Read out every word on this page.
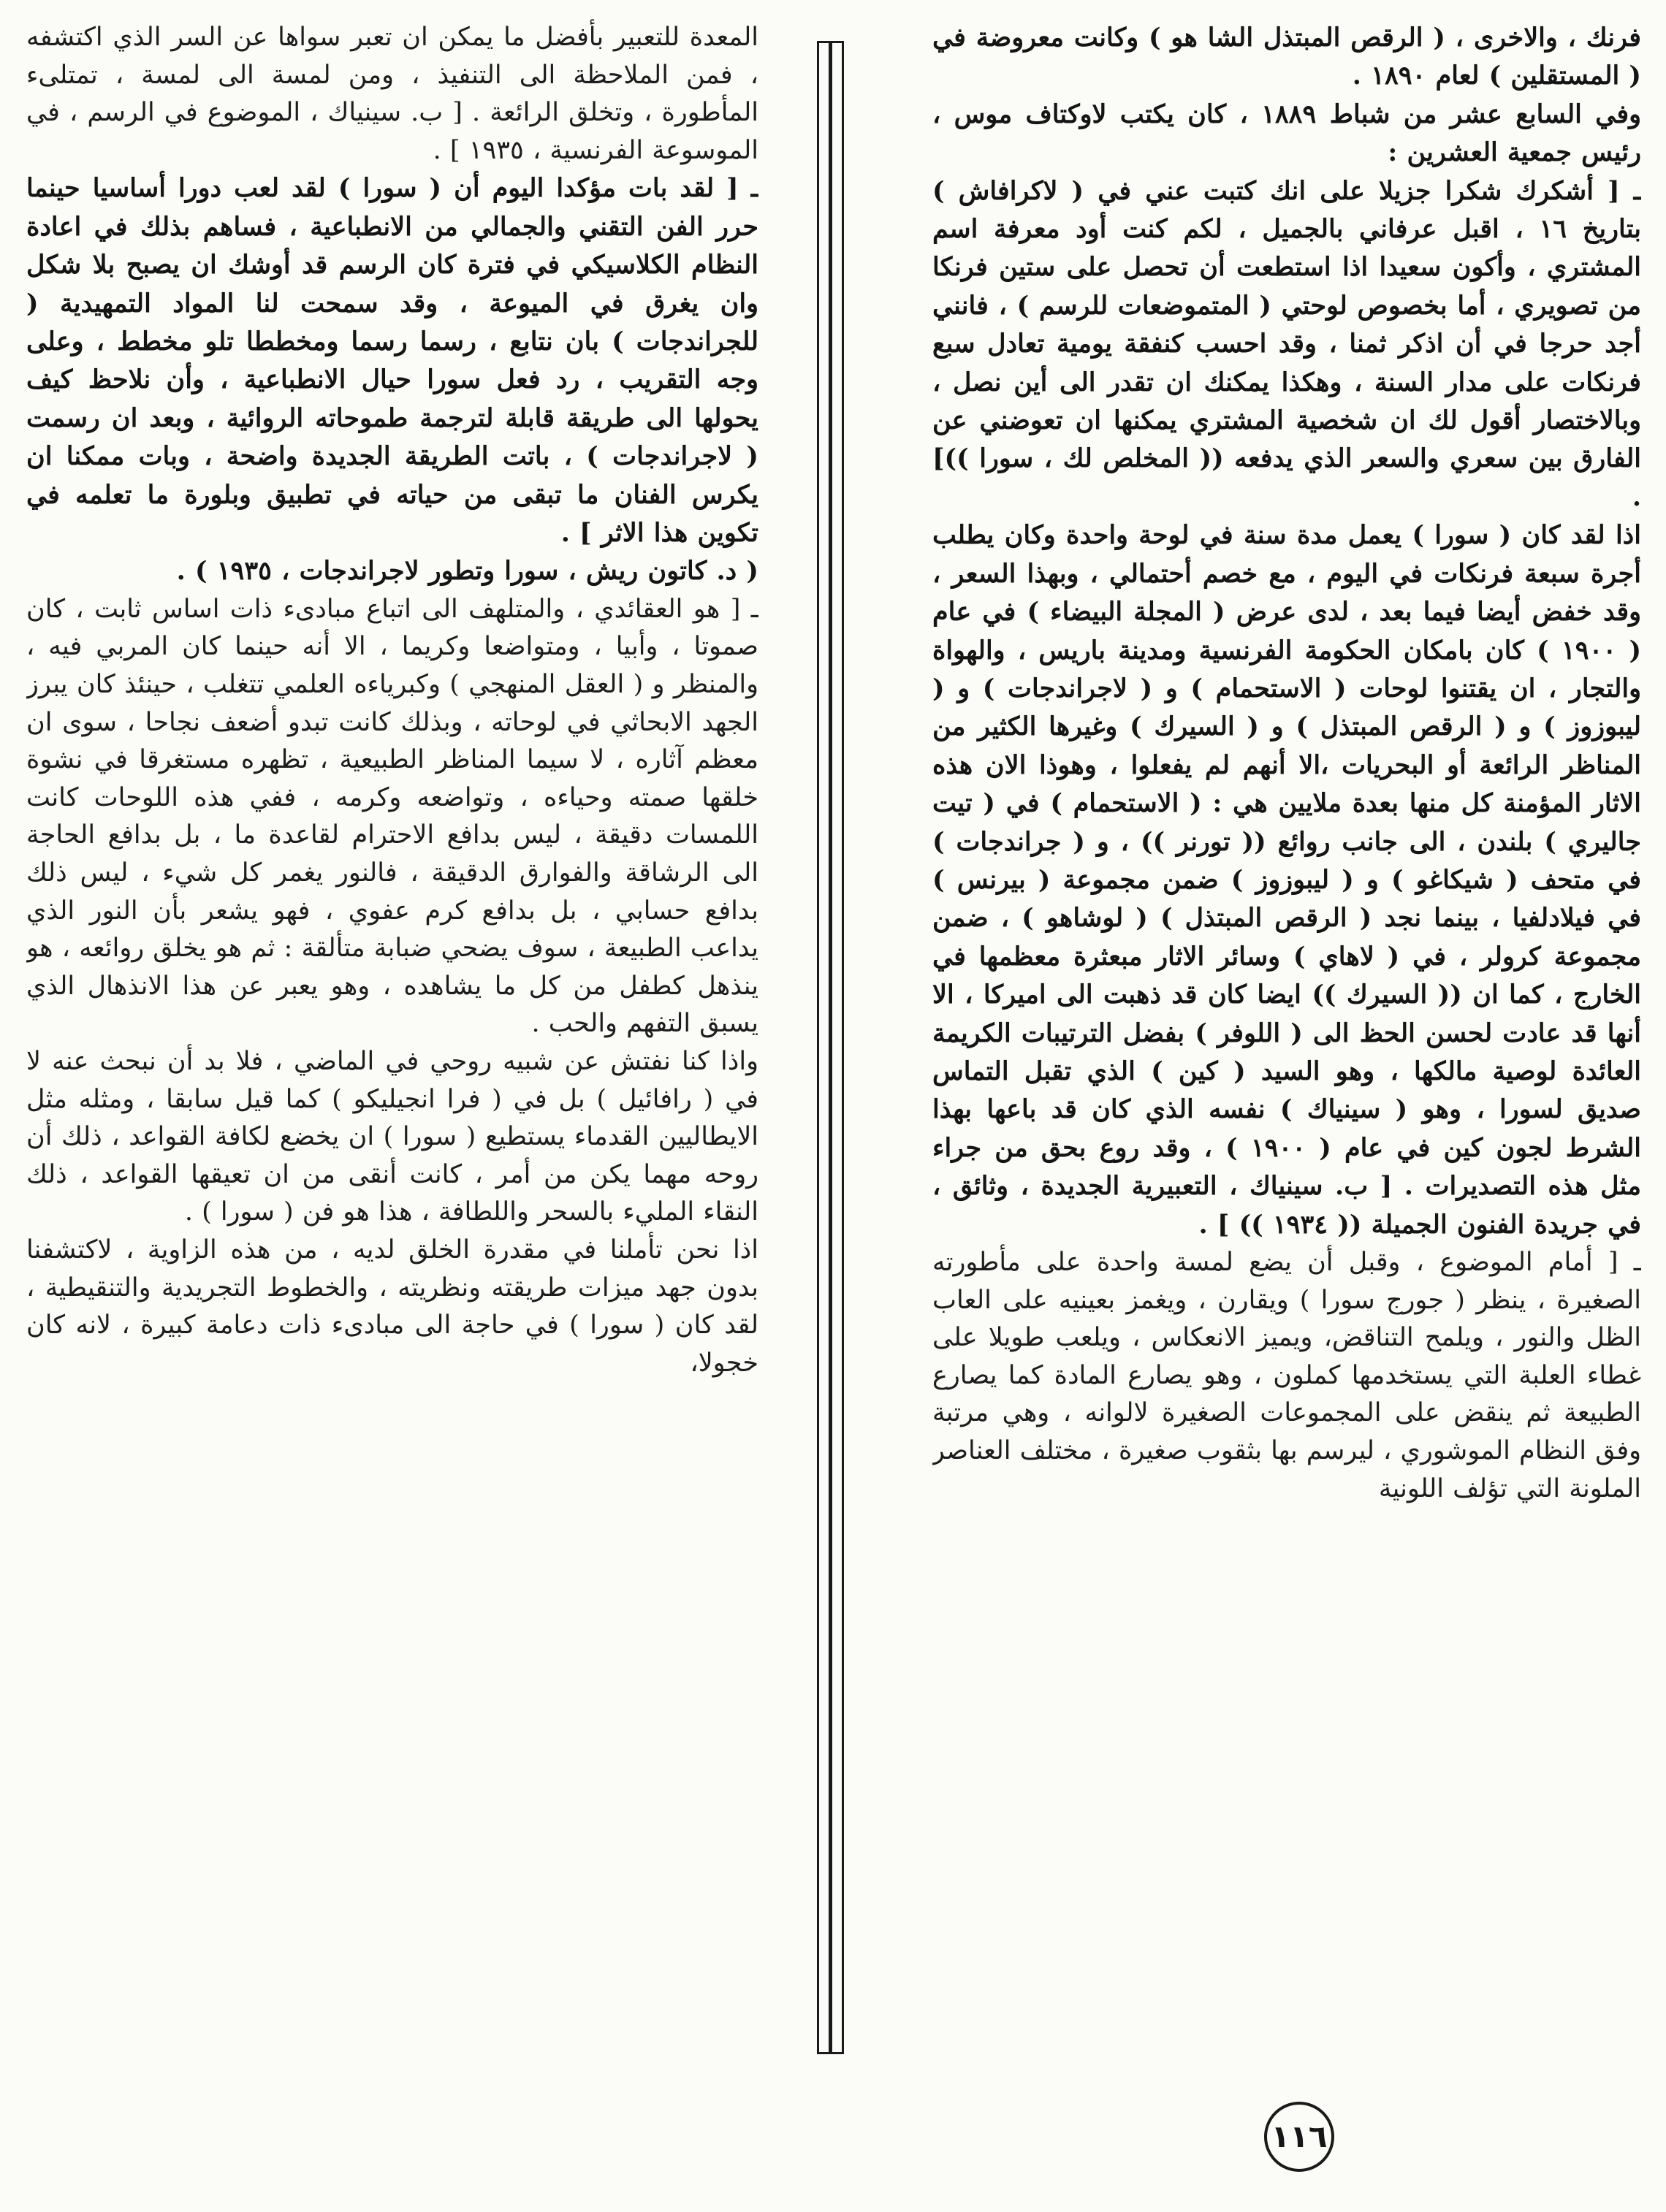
فرنك ، والاخرى ، ( الرقص المبتذل الشا هو ) وكانت معروضة في ( المستقلين ) لعام ١٨٩٠ .

وفي السابع عشر من شباط ١٨٨٩ ، كان يكتب لاوكتاف موس ، رئيس جمعية العشرين :

ـ [ أشكرك شكرا جزيلا على انك كتبت عني في ( لاكرافاش ) بتاريخ ١٦ ، اقبل عرفاني بالجميل ، لكم كنت أود معرفة اسم المشتري ، وأكون سعيدا اذا استطعت أن تحصل على ستين فرنكا من تصويري ، أما بخصوص لوحتي ( المتموضعات للرسم ) ، فانني أجد حرجا في أن اذكر ثمنا ، وقد احسب كنفقة يومية تعادل سبع فرنكات على مدار السنة ، وهكذا يمكنك ان تقدر الى أين نصل ، وبالاختصار أقول لك ان شخصية المشتري يمكنها ان تعوضني عن الفارق بين سعري والسعر الذي يدفعه (( المخلص لك ، سورا ))] .

اذا لقد كان ( سورا ) يعمل مدة سنة في لوحة واحدة وكان يطلب أجرة سبعة فرنكات في اليوم ، مع خصم أحتمالي ، وبهذا السعر ، وقد خفض أيضا فيما بعد ، لدى عرض ( المجلة البيضاء ) في عام ( ١٩٠٠ ) كان بامكان الحكومة الفرنسية ومدينة باريس ، والهواة والتجار ، ان يقتنوا لوحات ( الاستحمام ) و ( لاجراندجات ) و ( ليبوزوز ) و ( الرقص المبتذل ) و ( السيرك ) وغيرها الكثير من المناظر الرائعة أو البحريات ،الا أنهم لم يفعلوا ، وهوذا الان هذه الاثار المؤمنة كل منها بعدة ملايين هي : ( الاستحمام ) في ( تيت جاليري ) بلندن ، الى جانب روائع (( تورنر )) ، و ( جراندجات ) في متحف ( شيكاغو ) و ( ليبوزوز ) ضمن مجموعة ( بيرنس ) في فيلادلفيا ، بينما نجد ( الرقص المبتذل ) ( لوشاهو ) ، ضمن مجموعة كرولر ، في ( لاهاي ) وسائر الاثار مبعثرة معظمها في الخارج ، كما ان (( السيرك )) ايضا كان قد ذهبت الى اميركا ، الا أنها قد عادت لحسن الحظ الى ( اللوفر ) بفضل الترتيبات الكريمة العائدة لوصية مالكها ، وهو السيد ( كين ) الذي تقبل التماس صديق لسورا ، وهو ( سينياك ) نفسه الذي كان قد باعها بهذا الشرط لجون كين في عام ( ١٩٠٠ ) ، وقد روع بحق من جراء مثل هذه التصديرات . [ ب. سينياك ، التعبيرية الجديدة ، وثائق ، في جريدة الفنون الجميلة (( ١٩٣٤ )) ] .

ـ [ أمام الموضوع ، وقبل أن يضع لمسة واحدة على مأطورته الصغيرة ، ينظر ( جورج سورا ) ويقارن ، ويغمز بعينيه على العاب الظل والنور ، ويلمح التناقض، ويميز الانعكاس ، ويلعب طويلا على غطاء العلبة التي يستخدمها كملون ، وهو يصارع المادة كما يصارع الطبيعة ثم ينقض على المجموعات الصغيرة لالوانه ، وهي مرتبة وفق النظام الموشوري ، ليرسم بها بثقوب صغيرة ، مختلف العناصر الملونة التي تؤلف اللونية

المعدة للتعبير بأفضل ما يمكن ان تعبر سواها عن السر الذي اكتشفه ، فمن الملاحظة الى التنفيذ ، ومن لمسة الى لمسة ، تمتلىء المأطورة ، وتخلق الرائعة . [ ب. سينياك ، الموضوع في الرسم ، في الموسوعة الفرنسية ، ١٩٣٥ ] .

ـ [ لقد بات مؤكدا اليوم أن ( سورا ) لقد لعب دورا أساسيا حينما حرر الفن التقني والجمالي من الانطباعية ، فساهم بذلك في اعادة النظام الكلاسيكي في فترة كان الرسم قد أوشك ان يصبح بلا شكل وان يغرق في الميوعة ، وقد سمحت لنا المواد التمهيدية ( للجراندجات ) بان نتابع ، رسما رسما ومخططا تلو مخطط ، وعلى وجه التقريب ، رد فعل سورا حيال الانطباعية ، وأن نلاحظ كيف يحولها الى طريقة قابلة لترجمة طموحاته الروائية ، وبعد ان رسمت ( لاجراندجات ) ، باتت الطريقة الجديدة واضحة ، وبات ممكنا ان يكرس الفنان ما تبقى من حياته في تطبيق وبلورة ما تعلمه في تكوين هذا الاثر ] .

( د. كاتون ريش ، سورا وتطور لاجراندجات ، ١٩٣٥ ) .

ـ [ هو العقائدي ، والمتلهف الى اتباع مبادىء ذات اساس ثابت ، كان صموتا ، وأبيا ، ومتواضعا وكريما ، الا أنه حينما كان المربي فيه ، والمنظر و ( العقل المنهجي ) وكبرياءه العلمي تتغلب ، حينئذ كان يبرز الجهد الابحاثي في لوحاته ، وبذلك كانت تبدو أضعف نجاحا ، سوى ان معظم آثاره ، لا سيما المناظر الطبيعية ، تظهره مستغرقا في نشوة خلقها صمته وحياءه ، وتواضعه وكرمه ، ففي هذه اللوحات كانت اللمسات دقيقة ، ليس بدافع الاحترام لقاعدة ما ، بل بدافع الحاجة الى الرشاقة والفوارق الدقيقة ، فالنور يغمر كل شيء ، ليس ذلك بدافع حسابي ، بل بدافع كرم عفوي ، فهو يشعر بأن النور الذي يداعب الطبيعة ، سوف يضحي ضبابة متألقة : ثم هو يخلق روائعه ، هو ينذهل كطفل من كل ما يشاهده ، وهو يعبر عن هذا الانذهال الذي يسبق التفهم والحب .

واذا كنا نفتش عن شبيه روحي في الماضي ، فلا بد أن نبحث عنه لا في ( رافائيل ) بل في ( فرا انجيليكو ) كما قيل سابقا ، ومثله مثل الايطاليين القدماء يستطيع ( سورا ) ان يخضع لكافة القواعد ، ذلك أن روحه مهما يكن من أمر ، كانت أنقى من ان تعيقها القواعد ، ذلك النقاء المليء بالسحر واللطافة ، هذا هو فن ( سورا ) .

اذا نحن تأملنا في مقدرة الخلق لديه ، من هذه الزاوية ، لاكتشفنا بدون جهد ميزات طريقته ونظريته ، والخطوط التجريدية والتنقيطية ، لقد كان ( سورا ) في حاجة الى مبادىء ذات دعامة كبيرة ، لانه كان خجولا،

١١٦
